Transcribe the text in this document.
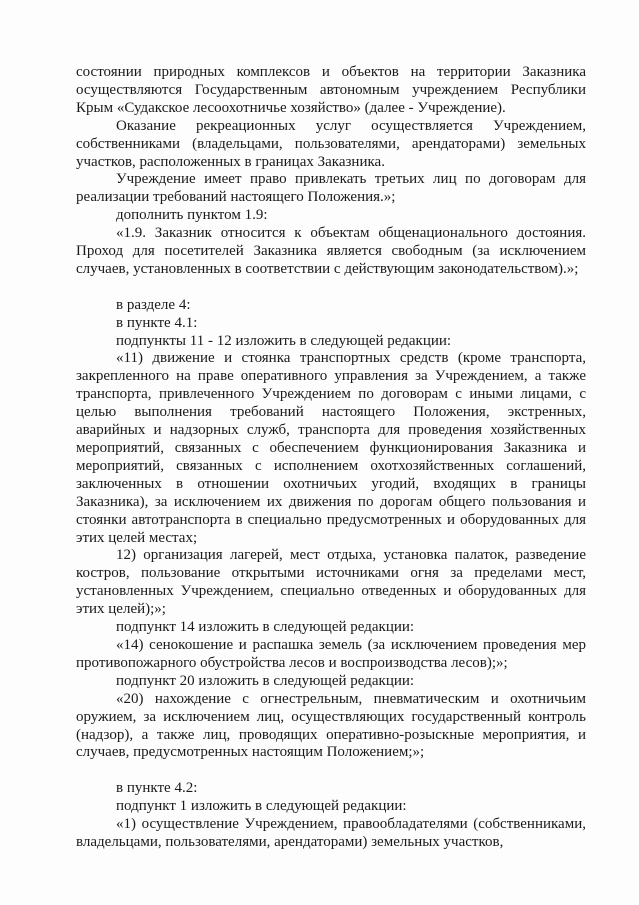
состоянии природных комплексов и объектов на территории Заказника осуществляются Государственным автономным учреждением Республики Крым «Судакское лесоохотничье хозяйство» (далее - Учреждение).

Оказание рекреационных услуг осуществляется Учреждением, собственниками (владельцами, пользователями, арендаторами) земельных участков, расположенных в границах Заказника.

Учреждение имеет право привлекать третьих лиц по договорам для реализации требований настоящего Положения.»;

дополнить пунктом 1.9:

«1.9. Заказник относится к объектам общенационального достояния. Проход для посетителей Заказника является свободным (за исключением случаев, установленных в соответствии с действующим законодательством).»;

в разделе 4:

в пункте 4.1:

подпункты 11 - 12 изложить в следующей редакции:

«11) движение и стоянка транспортных средств (кроме транспорта, закрепленного на праве оперативного управления за Учреждением, а также транспорта, привлеченного Учреждением по договорам с иными лицами, с целью выполнения требований настоящего Положения, экстренных, аварийных и надзорных служб, транспорта для проведения хозяйственных мероприятий, связанных с обеспечением функционирования Заказника и мероприятий, связанных с исполнением охотхозяйственных соглашений, заключенных в отношении охотничьих угодий, входящих в границы Заказника), за исключением их движения по дорогам общего пользования и стоянки автотранспорта в специально предусмотренных и оборудованных для этих целей местах;

12) организация лагерей, мест отдыха, установка палаток, разведение костров, пользование открытыми источниками огня за пределами мест, установленных Учреждением, специально отведенных и оборудованных для этих целей);»;

подпункт 14 изложить в следующей редакции:

«14) сенокошение и распашка земель (за исключением проведения мер противопожарного обустройства лесов и воспроизводства лесов);»;

подпункт 20 изложить в следующей редакции:

«20) нахождение с огнестрельным, пневматическим и охотничьим оружием, за исключением лиц, осуществляющих государственный контроль (надзор), а также лиц, проводящих оперативно-розыскные мероприятия, и случаев, предусмотренных настоящим Положением;»;

в пункте 4.2:

подпункт 1 изложить в следующей редакции:

«1) осуществление Учреждением, правообладателями (собственниками, владельцами, пользователями, арендаторами) земельных участков,
